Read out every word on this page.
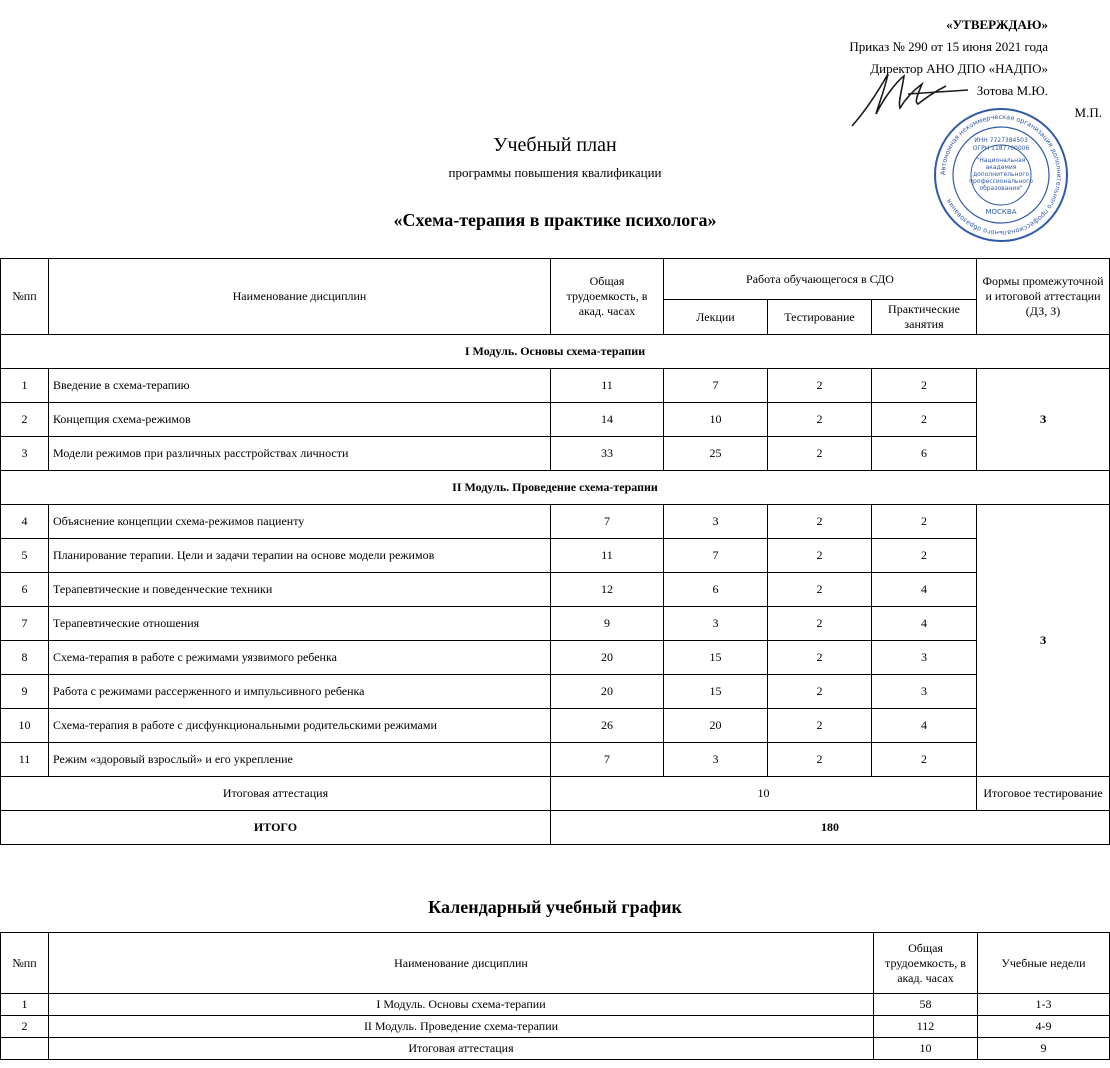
«УТВЕРЖДАЮ»
Приказ № 290 от 15 июня 2021 года
Директор АНО ДПО «НАДПО»
Зотова М.Ю.
М.П.
Автономная некоммерческая организация дополнительного профессионального образования
ИНН 7727384503
ОГРН 1187700006
"Национальная
академия
дополнительного
профессионального
образования"
МОСКВА
Учебный план
программы повышения квалификации
«Схема-терапия в практике психолога»
№пп	Наименование дисциплин	Общая трудоемкость, в акад. часах	Работа обучающегося в СДО			Формы промежуточной и итоговой аттестации (ДЗ, З)
			Лекции	Тестирование	Практические занятия	
I Модуль. Основы схема-терапии						
1	Введение в схема-терапию	11	7	2	2	З
2	Концепция схема-режимов	14	10	2	2	
3	Модели режимов при различных расстройствах личности	33	25	2	6	
II Модуль. Проведение схема-терапии						
4	Объяснение концепции схема-режимов пациенту	7	3	2	2	З
5	Планирование терапии. Цели и задачи терапии на основе модели режимов	11	7	2	2	
6	Терапевтические и поведенческие техники	12	6	2	4	
7	Терапевтические отношения	9	3	2	4	
8	Схема-терапия в работе с режимами уязвимого ребенка	20	15	2	3	
9	Работа с режимами рассерженного и импульсивного ребенка	20	15	2	3	
10	Схема-терапия в работе с дисфункциональными родительскими режимами	26	20	2	4	
11	Режим «здоровый взрослый» и его укрепление	7	3	2	2	
Итоговая аттестация		10				Итоговое тестирование
ИТОГО		180				
Календарный учебный график
№пп	Наименование дисциплин	Общая трудоемкость, в акад. часах	Учебные недели
1	I Модуль. Основы схема-терапии	58	1-3
2	II Модуль. Проведение схема-терапии	112	4-9
	Итоговая аттестация	10	9
